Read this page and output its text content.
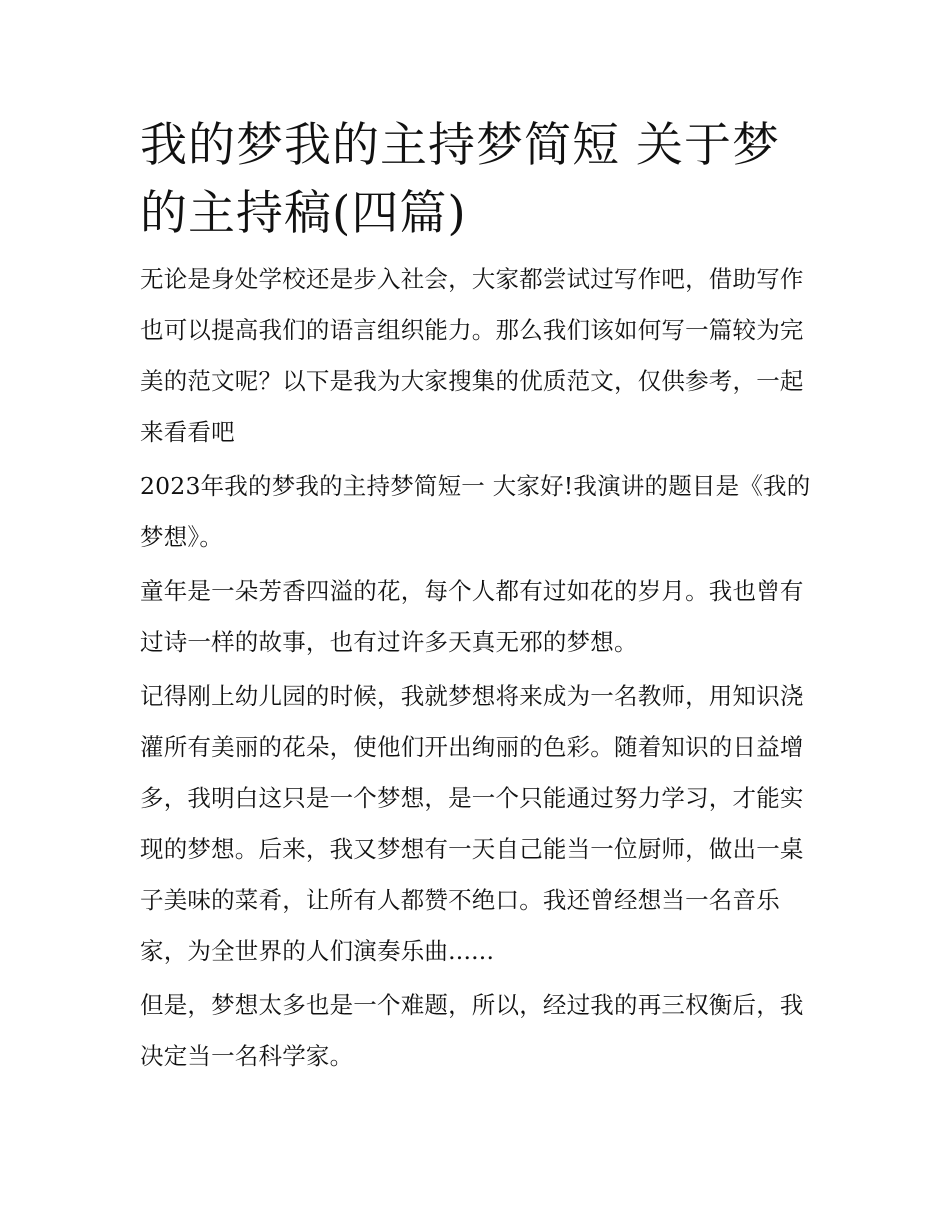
我的梦我的主持梦简短 关于梦的主持稿(四篇)

无论是身处学校还是步入社会，大家都尝试过写作吧，借助写作也可以提高我们的语言组织能力。那么我们该如何写一篇较为完美的范文呢？以下是我为大家搜集的优质范文，仅供参考，一起来看看吧

2023年我的梦我的主持梦简短一 大家好!我演讲的题目是《我的梦想》。

童年是一朵芳香四溢的花，每个人都有过如花的岁月。我也曾有过诗一样的故事，也有过许多天真无邪的梦想。

记得刚上幼儿园的时候，我就梦想将来成为一名教师，用知识浇灌所有美丽的花朵，使他们开出绚丽的色彩。随着知识的日益增多，我明白这只是一个梦想，是一个只能通过努力学习，才能实现的梦想。后来，我又梦想有一天自己能当一位厨师，做出一桌子美味的菜肴，让所有人都赞不绝口。我还曾经想当一名音乐家，为全世界的人们演奏乐曲......

但是，梦想太多也是一个难题，所以，经过我的再三权衡后，我决定当一名科学家。
